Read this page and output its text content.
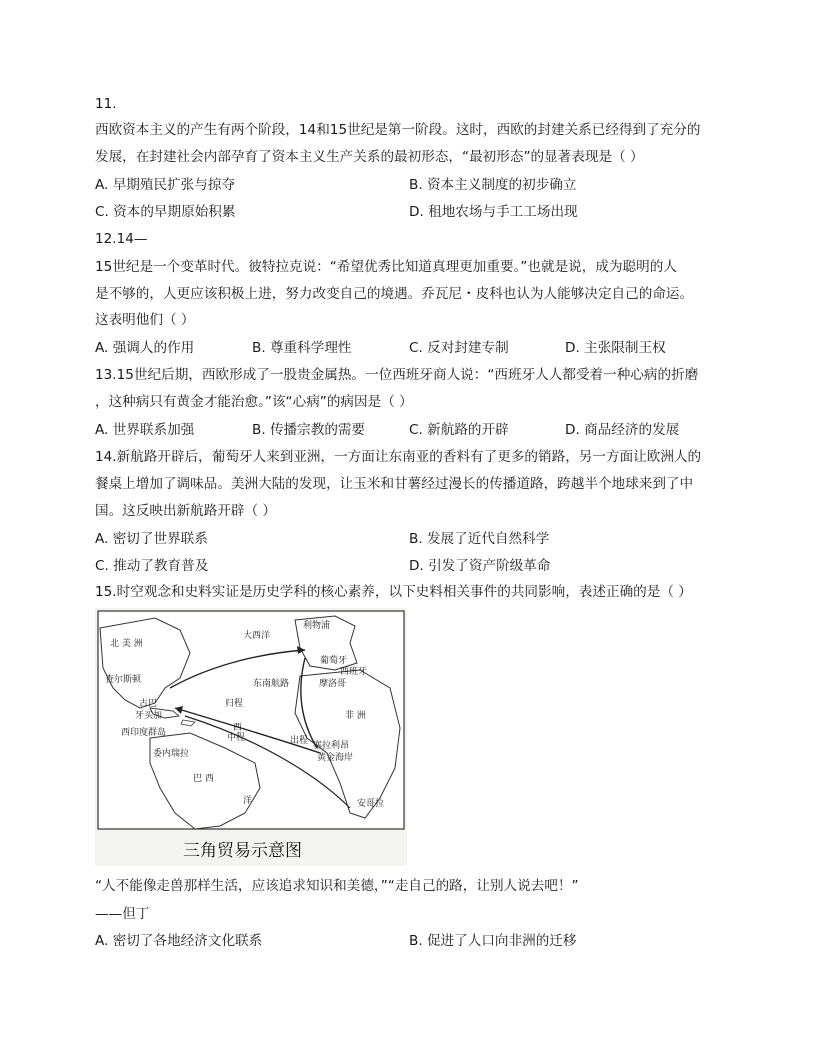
11.
西欧资本主义的产生有两个阶段，14和15世纪是第一阶段。这时，西欧的封建关系已经得到了充分的
发展，在封建社会内部孕育了资本主义生产关系的最初形态，“最初形态”的显著表现是（ ）
A. 早期殖民扩张与掠夺	B. 资本主义制度的初步确立
C. 资本的早期原始积累	D. 租地农场与手工工场出现
12.14—
15世纪是一个变革时代。彼特拉克说：“希望优秀比知道真理更加重要。”也就是说，成为聪明的人
是不够的，人更应该积极上进，努力改变自己的境遇。乔瓦尼・皮科也认为人能够决定自己的命运。
这表明他们（ ）
A. 强调人的作用	B. 尊重科学理性	C. 反对封建专制	D. 主张限制王权
13.15世纪后期，西欧形成了一股贵金属热。一位西班牙商人说：“西班牙人人都受着一种心病的折磨
，这种病只有黄金才能治愈。”该“心病”的病因是（ ）
A. 世界联系加强	B. 传播宗教的需要	C. 新航路的开辟	D. 商品经济的发展
14.新航路开辟后，葡萄牙人来到亚洲，一方面让东南亚的香料有了更多的销路，另一方面让欧洲人的
餐桌上增加了调味品。美洲大陆的发现，让玉米和甘薯经过漫长的传播道路，跨越半个地球来到了中
国。这反映出新航路开辟（ ）
A. 密切了世界联系	B. 发展了近代自然科学
C. 推动了教育普及	D. 引发了资产阶级革命
15.时空观念和史料实证是历史学科的核心素养，以下史料相关事件的共同影响，表述正确的是（ ）
北 美 洲
大西洋
利物浦
葡萄牙
西班牙
摩洛哥
查尔斯顿
古巴
牙买加
西印度群岛
委内瑞拉
巴 西
归程
东南航路
中程	出程
西
洋
非 洲
塞拉利昂
黄金海岸
安哥拉
三角贸易示意图
“人不能像走兽那样生活，应该追求知识和美德，”“走自己的路，让别人说去吧！”
——但丁
A. 密切了各地经济文化联系	B. 促进了人口向非洲的迁移
